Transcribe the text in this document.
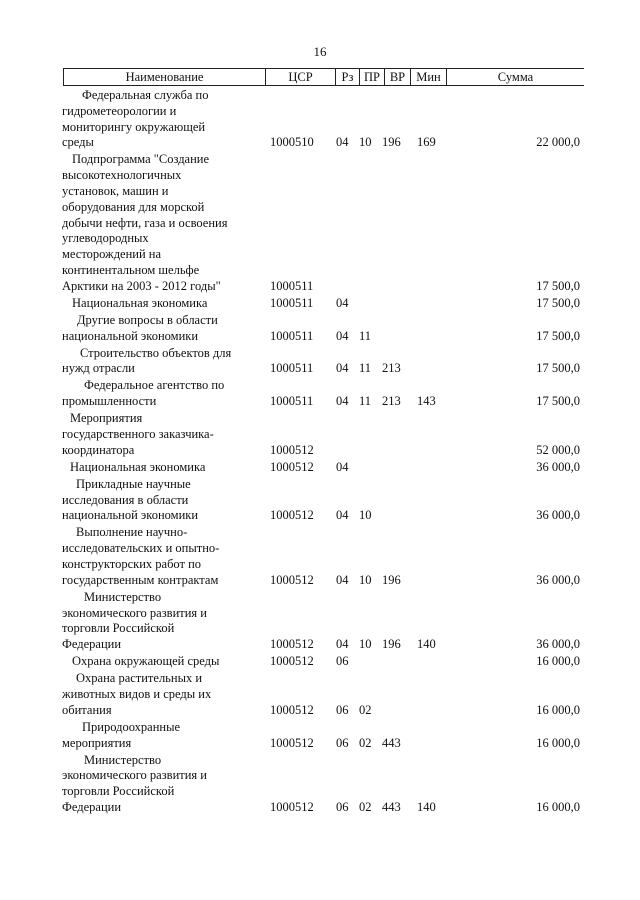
16
Наименование	ЦСР	Рз ПР ВР Мин	Сумма
Федеральная служба по
гидрометеорологии и
мониторингу окружающей
среды	1000510 04 10 196 169	22 000,0
Подпрограмма "Создание
высокотехнологичных
установок, машин и
оборудования для морской
добычи нефти, газа и освоения
углеводородных
месторождений на
континентальном шельфе
Арктики на 2003 - 2012 годы"	1000511	17 500,0
Национальная экономика	1000511 04	17 500,0
Другие вопросы в области
национальной экономики	1000511 04 11	17 500,0
Строительство объектов для
нужд отрасли	1000511 04 11 213	17 500,0
Федеральное агентство по
промышленности	1000511 04 11 213 143	17 500,0
Мероприятия
государственного заказчика-
координатора	1000512	52 000,0
Национальная экономика	1000512 04	36 000,0
Прикладные научные
исследования в области
национальной экономики	1000512 04 10	36 000,0
Выполнение научно-
исследовательских и опытно-
конструкторских работ по
государственным контрактам	1000512 04 10 196	36 000,0
Министерство
экономического развития и
торговли Российской
Федерации	1000512 04 10 196 140	36 000,0
Охрана окружающей среды	1000512 06	16 000,0
Охрана растительных и
животных видов и среды их
обитания	1000512 06 02	16 000,0
Природоохранные
мероприятия	1000512 06 02 443	16 000,0
Министерство
экономического развития и
торговли Российской
Федерации	1000512 06 02 443 140	16 000,0
